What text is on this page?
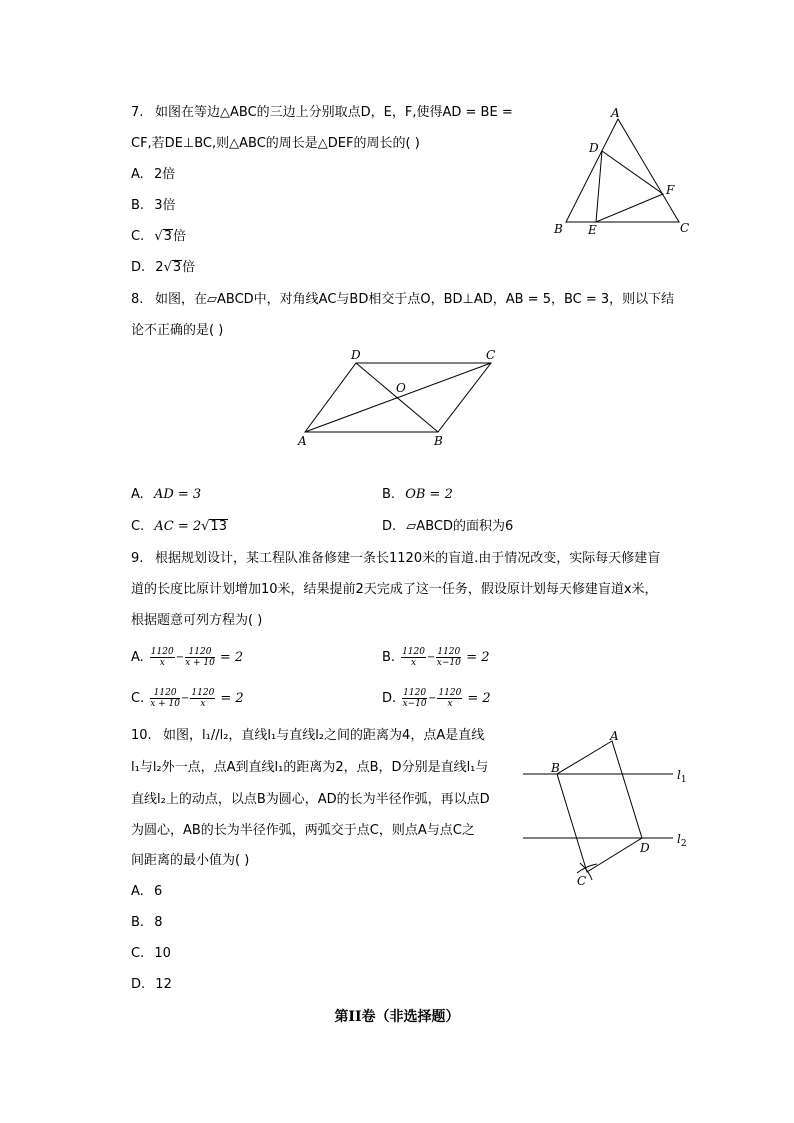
7. 如图在等边△ABC的三边上分别取点D，E，F,使得AD = BE =
CF,若DE⊥BC,则△ABC的周长是△DEF的周长的( )
A. 2倍
B. 3倍
C. √3倍
D. 2√3倍
A
B	C
D
E
F
8. 如图，在▱ABCD中，对角线AC与BD相交于点O，BD⊥AD，AB = 5，BC = 3，则以下结
论不正确的是( )
D	C
O
A	B
A. AD = 3	B. OB = 2
C. AC = 2√13	D. ▱ABCD的面积为6
9. 根据规划设计，某工程队准备修建一条长1120米的盲道.由于情况改变，实际每天修建盲
道的长度比原计划增加10米，结果提前2天完成了这一任务，假设原计划每天修建盲道x米，
根据题意可列方程为( )
A. $\frac{1120}{x} - \frac{1120}{x + 10} = 2$	B. $\frac{1120}{x} - \frac{1120}{x-10} = 2$
C. $\frac{1120}{x + 10} - \frac{1120}{x} = 2$	D. $\frac{1120}{x-10} - \frac{1120}{x} = 2$
10. 如图，l₁//l₂，直线l₁与直线l₂之间的距离为4，点A是直线
l₁与l₂外一点，点A到直线l₁的距离为2，点B，D分别是直线l₁与
直线l₂上的动点，以点B为圆心，AD的长为半径作弧，再以点D
为圆心，AB的长为半径作弧，两弧交于点C，则点A与点C之
间距离的最小值为( )
A
B
D
C
$l_1$
$l_2$
A. 6
B. 8
C. 10
D. 12
第II卷（非选择题）
